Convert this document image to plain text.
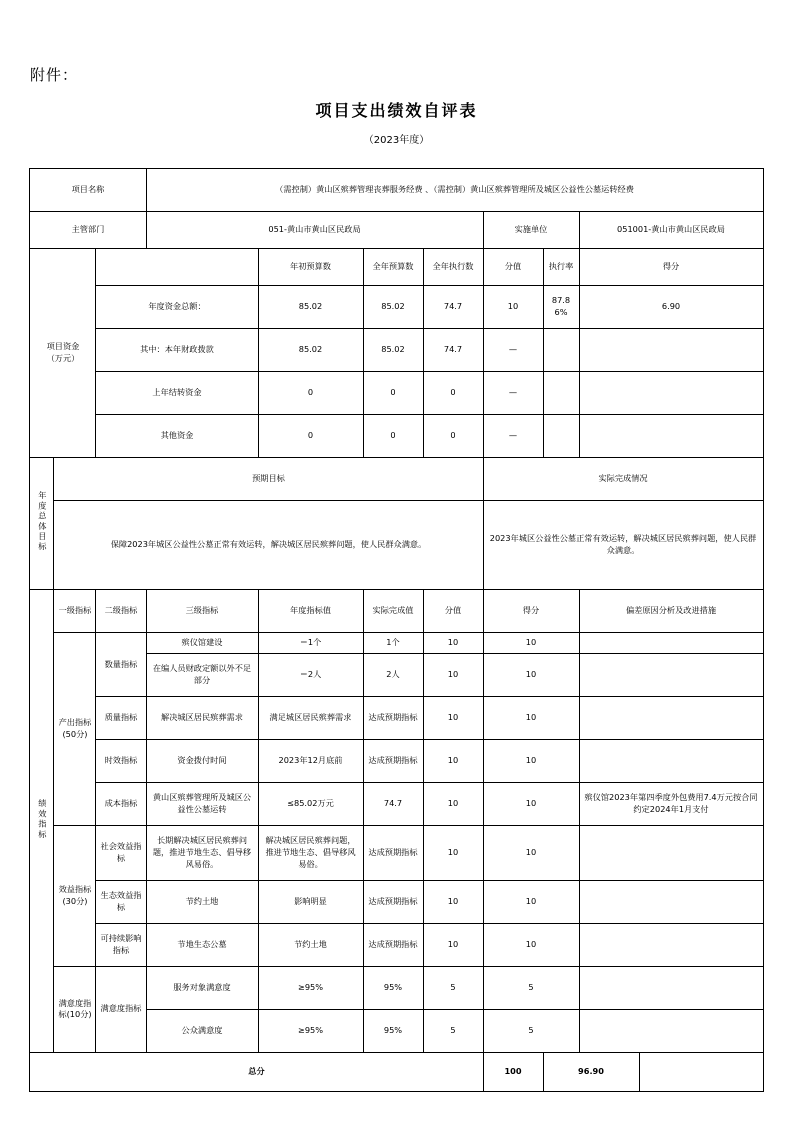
附件：
项目支出绩效自评表
（2023年度）
项目名称			（需控制）黄山区殡葬管理丧葬服务经费 、（需控制）黄山区殡葬管理所及城区公益性公墓运转经费							
主管部门			051-黄山市黄山区民政局				实施单位		051001-黄山市黄山区民政局	

项目资金
（万元）				年初预算数	全年预算数	全年执行数	分值	执行率	得分	
		年度资金总额：		85.02	85.02	74.7	10	87.86%	6.90	
		其中：本年财政拨款		85.02	85.02	74.7	—			
		上年结转资金		0	0	0	—			
		其他资金		0	0	0	—			
年度总体目标	预期目标						实际完成情况			
	保障2023年城区公益性公墓正常有效运转，解决城区居民殡葬问题，使人民群众满意。						2023年城区公益性公墓正常有效运转，解决城区居民殡葬问题，使人民群众满意。			
绩效指标	一级指标	二级指标	三级指标	年度指标值	实际完成值	分值	得分		偏差原因分析及改进措施	

	产出指标
(50分)	数量指标	殡仪馆建设	＝1个	1个	10	10			
			在编人员财政定额以外不足部分	＝2人	2人	10	10			
		质量指标	解决城区居民殡葬需求	满足城区居民殡葬需求	达成预期指标	10	10			
		时效指标	资金拨付时间	2023年12月底前	达成预期指标	10	10			
		成本指标	黄山区殡葬管理所及城区公益性公墓运转	≤85.02万元	74.7	10	10		殡仪馆2023年第四季度外包费用7.4万元按合同约定2024年1月支付	

	效益指标
(30分)	社会效益指标	长期解决城区居民殡葬问题，推进节地生态、倡导移风易俗。	解决城区居民殡葬问题，推进节地生态、倡导移风易俗。	达成预期指标	10	10			
		生态效益指标	节约土地	影响明显	达成预期指标	10	10			
		可持续影响指标	节地生态公墓	节约土地	达成预期指标	10	10			
	满意度指标(10分)	满意度指标	服务对象满意度	≥95%	95%	5	5			
			公众满意度	≥95%	95%	5	5			
总分							100	96.90		
